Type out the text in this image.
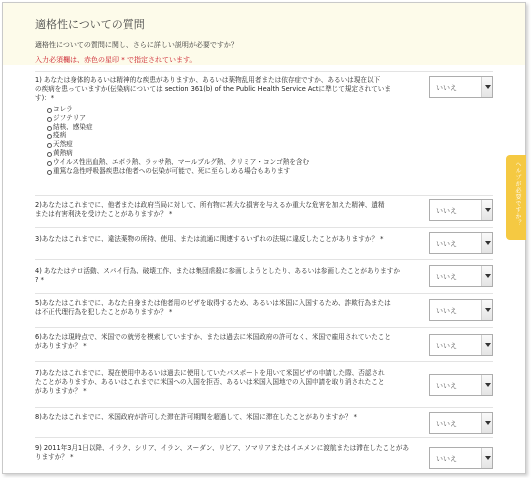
適格性についての質問
適格性についての質問に関し、さらに詳しい説明が必要ですか？
入力必須欄は、赤色の星印 * で指定されています。
1) あなたは身体的あるいは精神的な疾患がありますか、あるいは薬物乱用者または依存症ですか、あるいは現在以下
の疾病を患っていますか(伝染病については section 361(b) of the Public Health Service Actに準じて規定されていま
す)：*
コレラ
ジフテリア
結核、感染症
疫病
天然痘
黄熱病
ウイルス性出血熱、エボラ熱、ラッサ熱、マールブルグ熱、クリミア・コンゴ熱を含む
重篤な急性呼吸器疾患は他者への伝染が可能で、死に至らしめる場合もあります
いいえ
2)あなたはこれまでに、他者または政府当局に対して、所有物に甚大な損害を与えるか重大な危害を加えた精神、遺精
または有害利決を受けたことがありますか？ *	いいえ
3)あなたはこれまでに、違法薬物の所持、使用、または流通に関連するいずれの法規に違反したことがありますか？ *
いいえ
4) あなたはテロ活動、スパイ行為、破壊工作、または集団虐殺に参画しようとしたり、あるいは参画したことがありますか
? *	いいえ
5)あなたはこれまでに、あなた自身または他者用のビザを取得するため、あるいは米国に入国するため、詐欺行為または
は不正代理行為を犯したことがありますか？ *	いいえ
6)あなたは現時点で、米国での就労を模索していますか、または過去に米国政府の許可なく、米国で雇用されていたこと
がありますか？ *	いいえ
7)あなたはこれまでに、現在使用中あるいは過去に使用していたパスポートを用いて米国ビザの申請した際、否認され
たことがありますか、あるいはこれまでに米国への入国を拒否、あるいは米国入国地での入国申請を取り消されたこと
がありますか？ *
いいえ
8)あなたはこれまでに、米国政府が許可した滞在許可期間を超過して、米国に滞在したことがありますか？ *
いいえ
9) 2011年3月1日以降、イラク、シリア、イラン、スーダン、リビア、ソマリアまたはイエメンに渡航または滞在したことがあ
りますか？ *	いいえ
ヘルプが必要ですか？
